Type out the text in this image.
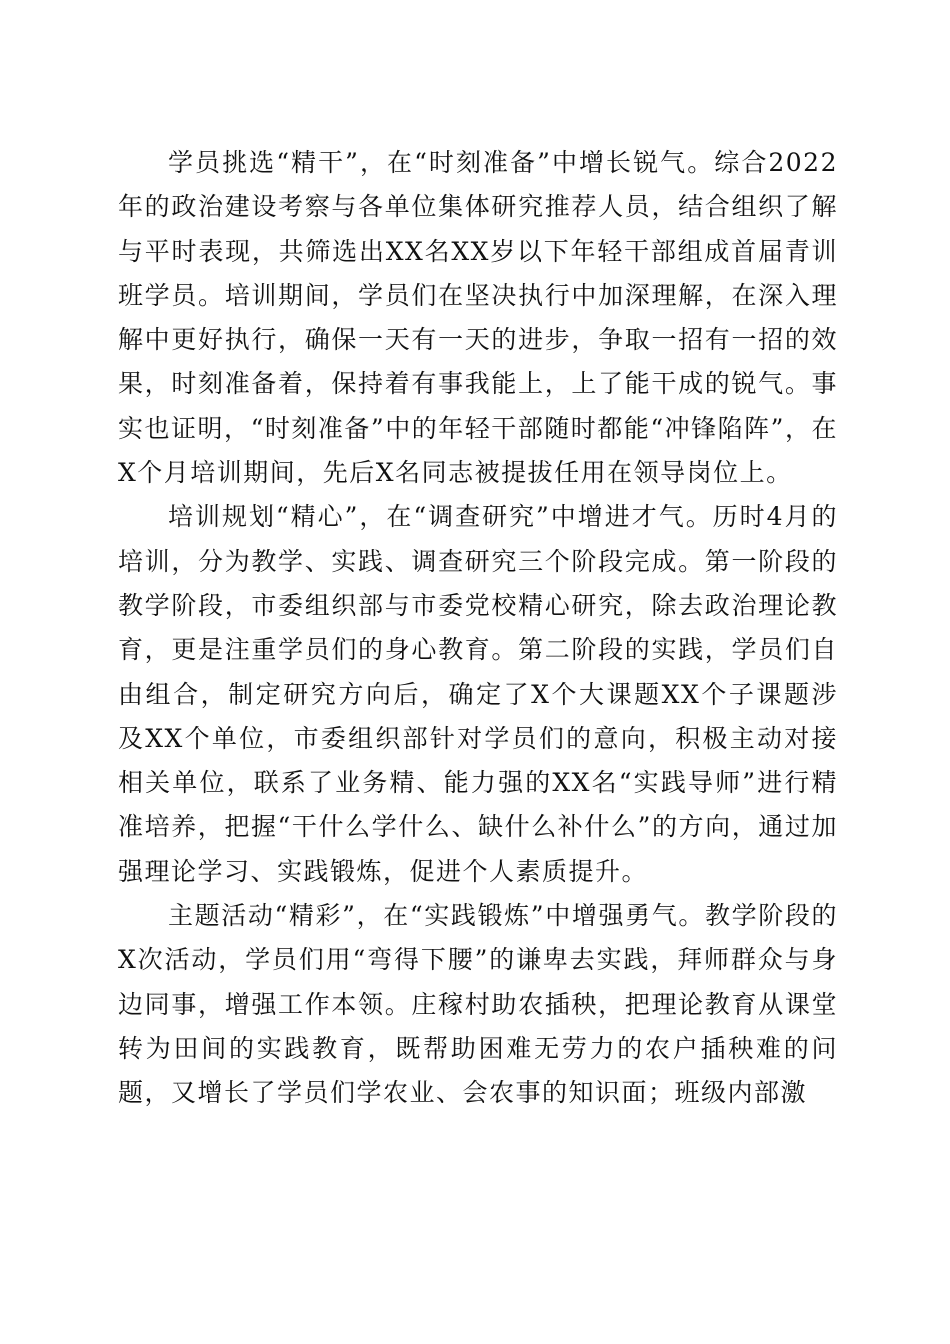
学员挑选“精干”，在“时刻准备”中增长锐气。综合2022年的政治建设考察与各单位集体研究推荐人员，结合组织了解与平时表现，共筛选出XX名XX岁以下年轻干部组成首届青训班学员。培训期间，学员们在坚决执行中加深理解，在深入理解中更好执行，确保一天有一天的进步，争取一招有一招的效果，时刻准备着，保持着有事我能上，上了能干成的锐气。事实也证明，“时刻准备”中的年轻干部随时都能“冲锋陷阵”，在X个月培训期间，先后X名同志被提拔任用在领导岗位上。

培训规划“精心”，在“调查研究”中增进才气。历时4月的培训，分为教学、实践、调查研究三个阶段完成。第一阶段的教学阶段，市委组织部与市委党校精心研究，除去政治理论教育，更是注重学员们的身心教育。第二阶段的实践，学员们自由组合，制定研究方向后，确定了X个大课题XX个子课题涉及XX个单位，市委组织部针对学员们的意向，积极主动对接相关单位，联系了业务精、能力强的XX名“实践导师”进行精准培养，把握“干什么学什么、缺什么补什么”的方向，通过加强理论学习、实践锻炼，促进个人素质提升。

主题活动“精彩”，在“实践锻炼”中增强勇气。教学阶段的X次活动，学员们用“弯得下腰”的谦卑去实践，拜师群众与身边同事，增强工作本领。庄稼村助农插秧，把理论教育从课堂转为田间的实践教育，既帮助困难无劳力的农户插秧难的问题，又增长了学员们学农业、会农事的知识面；班级内部激
